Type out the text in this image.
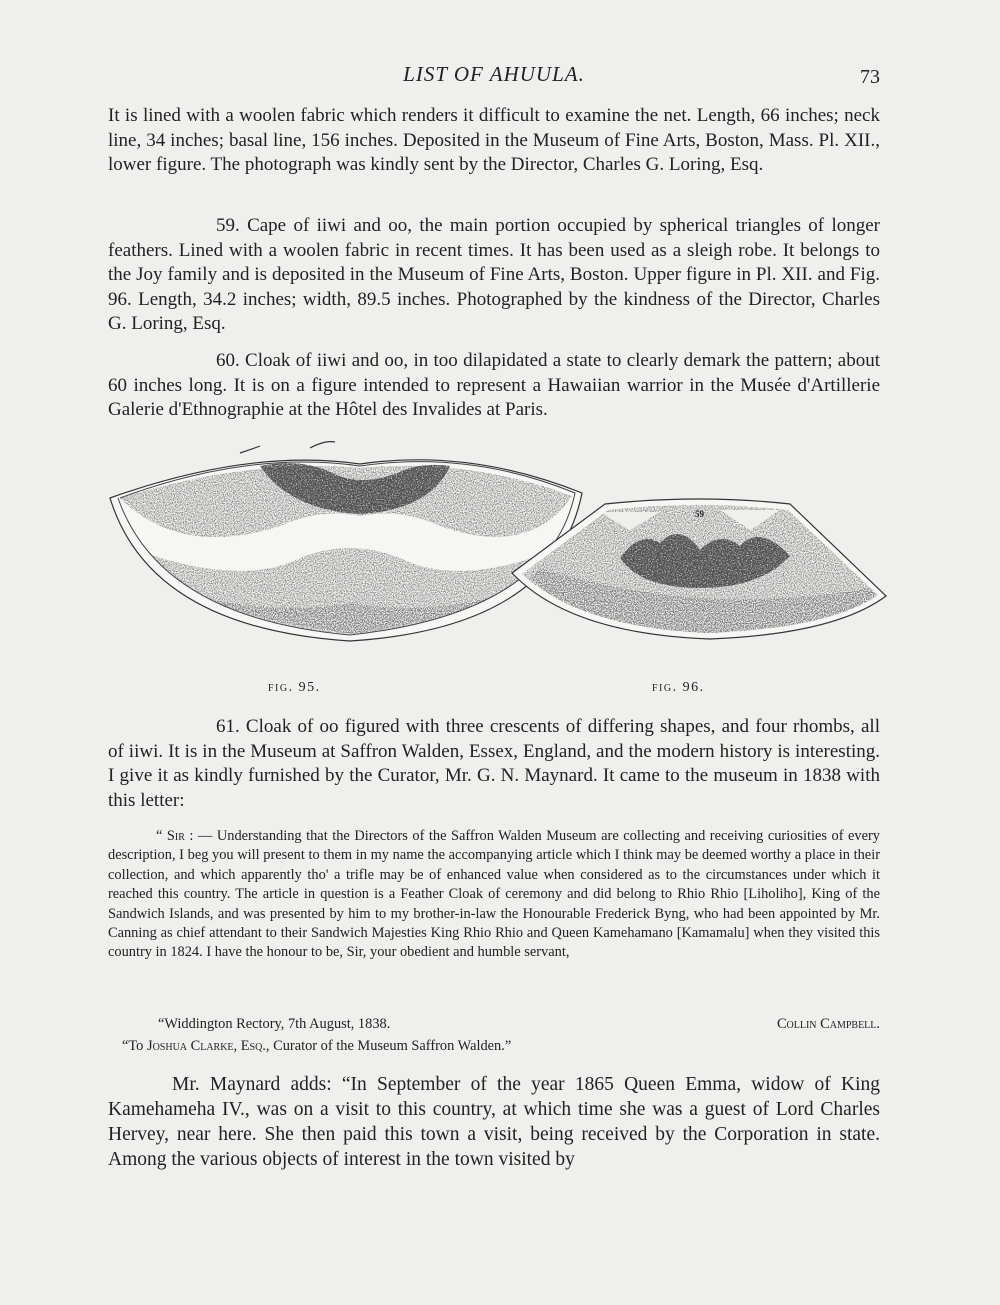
LIST OF AHUULA.	73

It is lined with a woolen fabric which renders it difficult to examine the net. Length, 66 inches; neck line, 34 inches; basal line, 156 inches. Deposited in the Museum of Fine Arts, Boston, Mass. Pl. XII., lower figure. The photograph was kindly sent by the Director, Charles G. Loring, Esq.

59. Cape of iiwi and oo, the main portion occupied by spherical triangles of longer feathers. Lined with a woolen fabric in recent times. It has been used as a sleigh robe. It belongs to the Joy family and is deposited in the Museum of Fine Arts, Boston. Upper figure in Pl. XII. and Fig. 96. Length, 34.2 inches; width, 89.5 inches. Photographed by the kindness of the Director, Charles G. Loring, Esq.

60. Cloak of iiwi and oo, in too dilapidated a state to clearly demark the pattern; about 60 inches long. It is on a figure intended to represent a Hawaiian warrior in the Musée d'Artillerie Galerie d'Ethnographie at the Hôtel des Invalides at Paris.

59
fig. 95.	fig. 96.

61. Cloak of oo figured with three crescents of differing shapes, and four rhombs, all of iiwi. It is in the Museum at Saffron Walden, Essex, England, and the modern history is interesting. I give it as kindly furnished by the Curator, Mr. G. N. Maynard. It came to the museum in 1838 with this letter:

“ Sir : — Understanding that the Directors of the Saffron Walden Museum are collecting and receiving curiosities of every description, I beg you will present to them in my name the accompanying article which I think may be deemed worthy a place in their collection, and which apparently tho' a trifle may be of enhanced value when considered as to the circumstances under which it reached this country. The article in question is a Feather Cloak of ceremony and did belong to Rhio Rhio [Liholiho], King of the Sandwich Islands, and was presented by him to my brother-in-law the Honourable Frederick Byng, who had been appointed by Mr. Canning as chief attendant to their Sandwich Majesties King Rhio Rhio and Queen Kamehamano [Kamamalu] when they visited this country in 1824. I have the honour to be, Sir, your obedient and humble servant,

“Widdington Rectory, 7th August, 1838.	Collin Campbell.
“To Joshua Clarke, Esq., Curator of the Museum Saffron Walden.”

Mr. Maynard adds: “In September of the year 1865 Queen Emma, widow of King Kamehameha IV., was on a visit to this country, at which time she was a guest of Lord Charles Hervey, near here. She then paid this town a visit, being received by the Corporation in state. Among the various objects of interest in the town visited by
